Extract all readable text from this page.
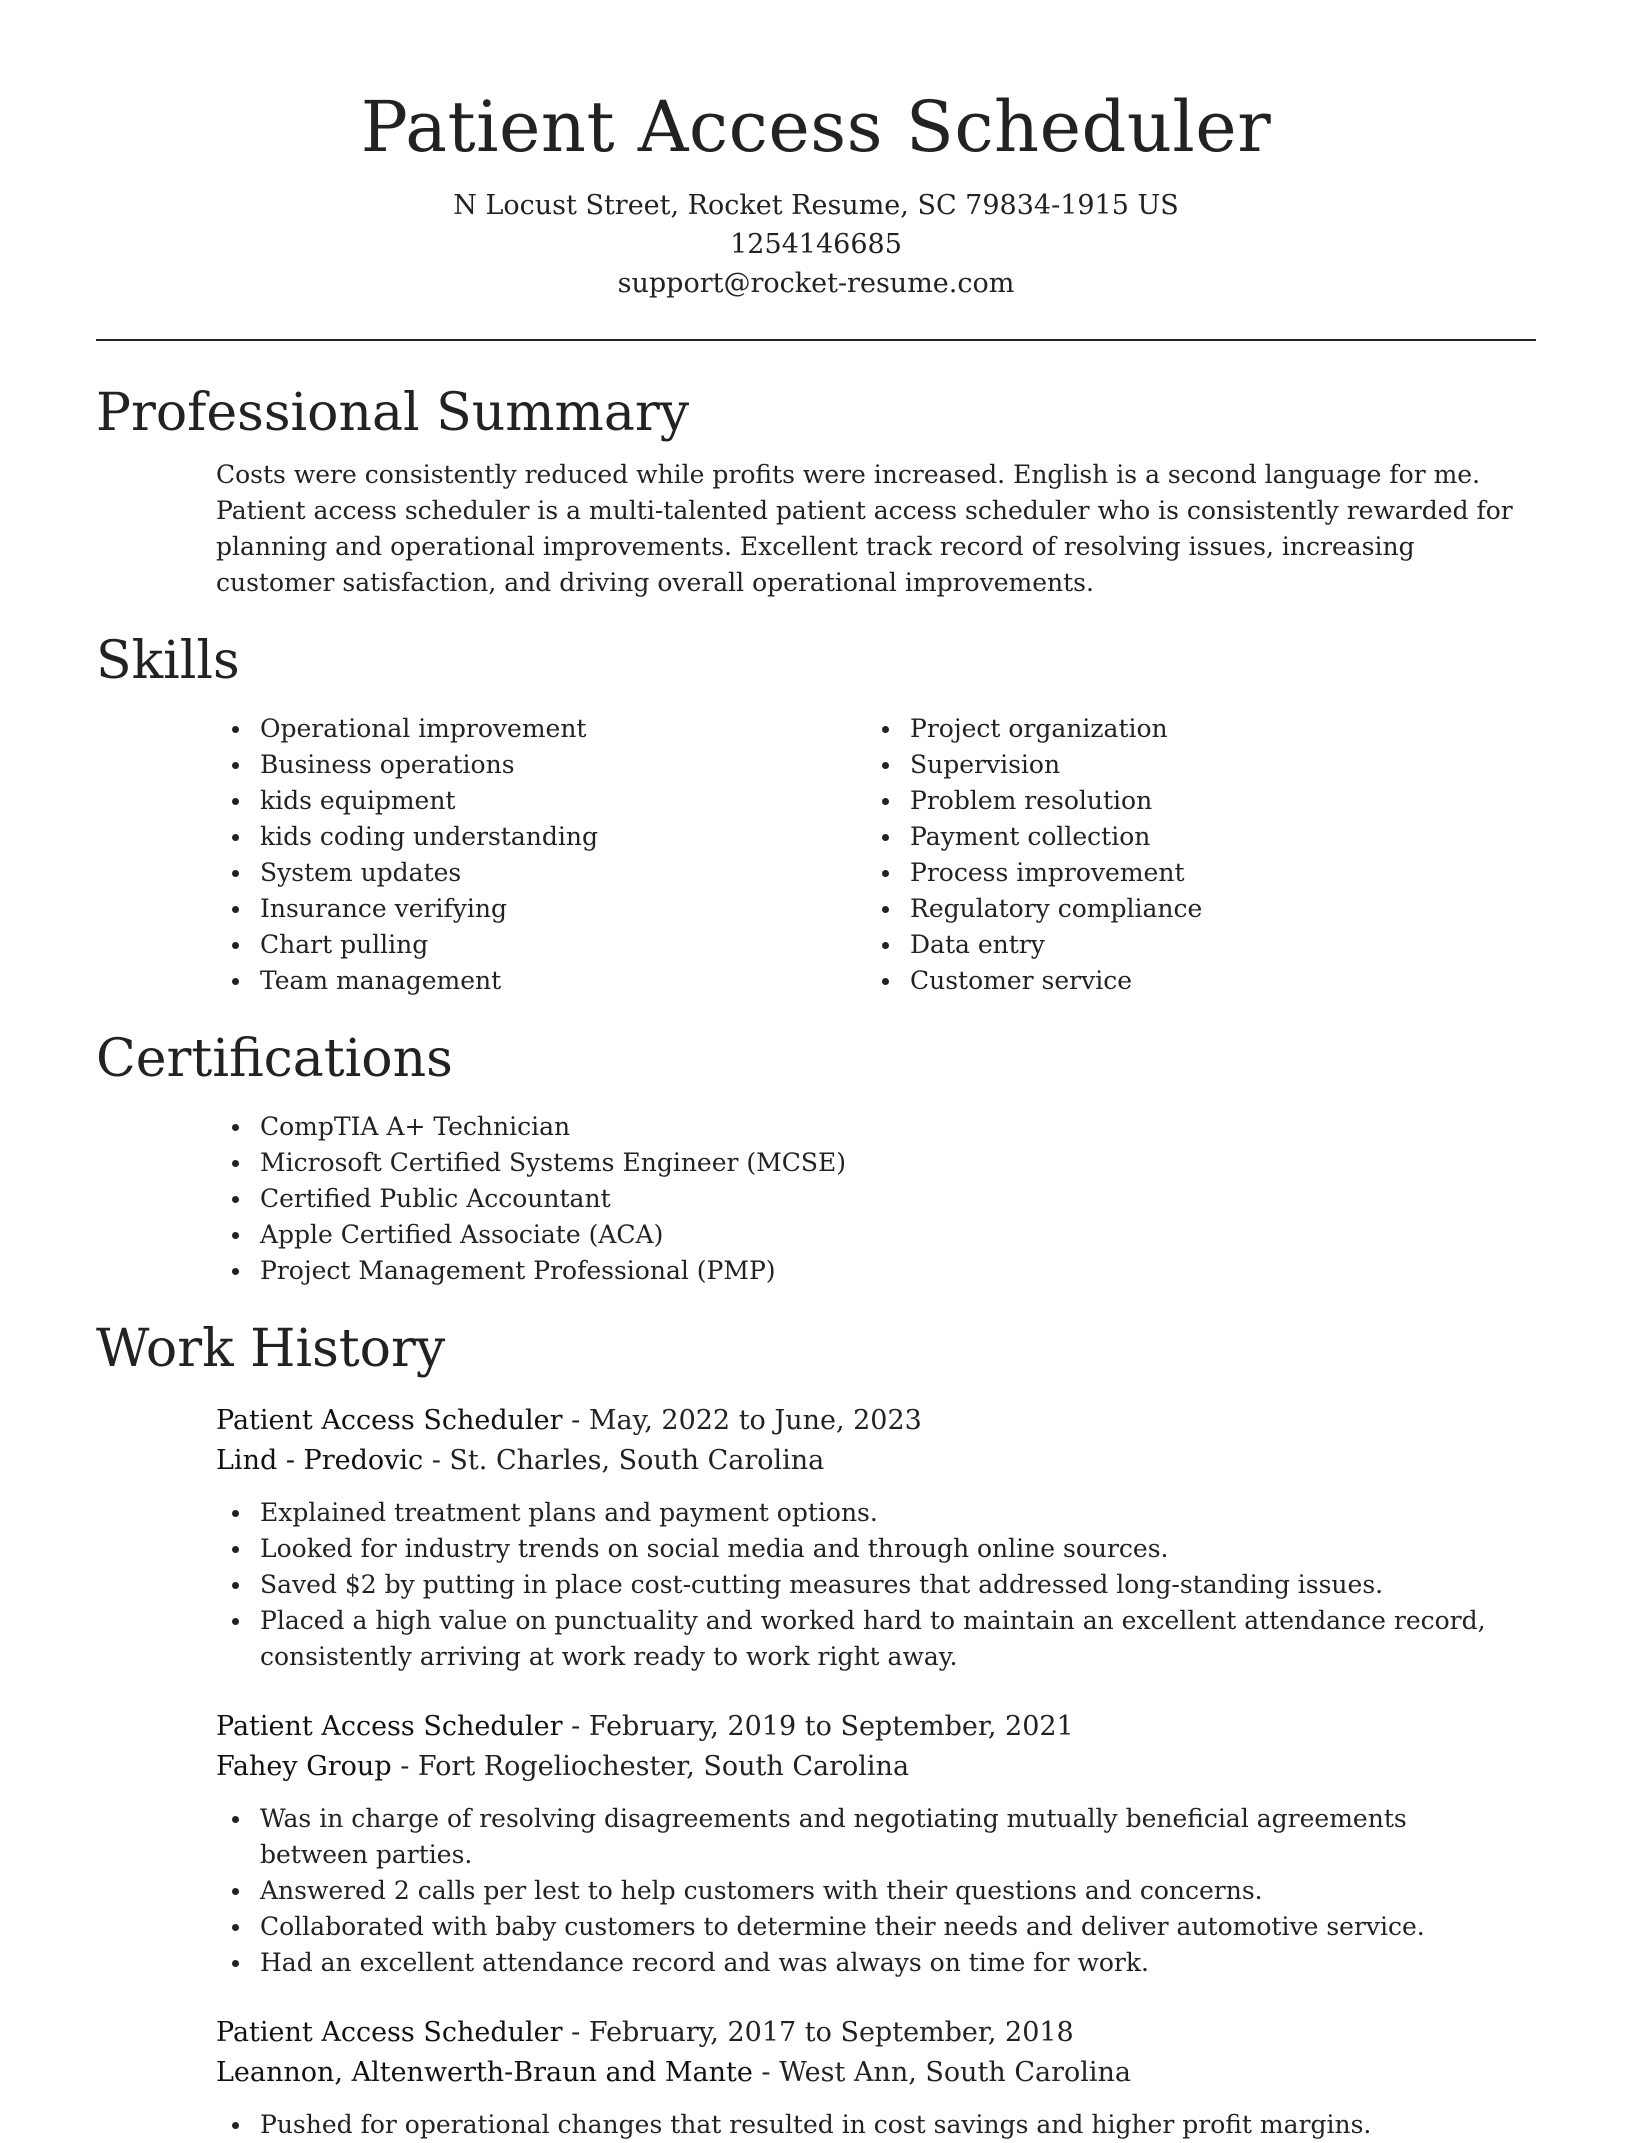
Patient Access Scheduler

N Locust Street, Rocket Resume, SC 79834-1915 US

1254146685

support@rocket-resume.com

Professional Summary

Costs were consistently reduced while profits were increased. English is a second language for me. Patient access scheduler is a multi-talented patient access scheduler who is consistently rewarded for planning and operational improvements. Excellent track record of resolving issues, increasing customer satisfaction, and driving overall operational improvements.

Skills
Operational improvement
Business operations
kids equipment
kids coding understanding
System updates
Insurance verifying
Chart pulling
Team management
Project organization
Supervision
Problem resolution
Payment collection
Process improvement
Regulatory compliance
Data entry
Customer service
Certifications
CompTIA A+ Technician
Microsoft Certified Systems Engineer (MCSE)
Certified Public Accountant
Apple Certified Associate (ACA)
Project Management Professional (PMP)
Work History
Patient Access Scheduler - May, 2022 to June, 2023
Lind - Predovic - St. Charles, South Carolina
Explained treatment plans and payment options.
Looked for industry trends on social media and through online sources.
Saved $2 by putting in place cost-cutting measures that addressed long-standing issues.
Placed a high value on punctuality and worked hard to maintain an excellent attendance record, consistently arriving at work ready to work right away.
Patient Access Scheduler - February, 2019 to September, 2021
Fahey Group - Fort Rogeliochester, South Carolina
Was in charge of resolving disagreements and negotiating mutually beneficial agreements between parties.
Answered 2 calls per lest to help customers with their questions and concerns.
Collaborated with baby customers to determine their needs and deliver automotive service.
Had an excellent attendance record and was always on time for work.
Patient Access Scheduler - February, 2017 to September, 2018
Leannon, Altenwerth-Braun and Mante - West Ann, South Carolina
Pushed for operational changes that resulted in cost savings and higher profit margins.
